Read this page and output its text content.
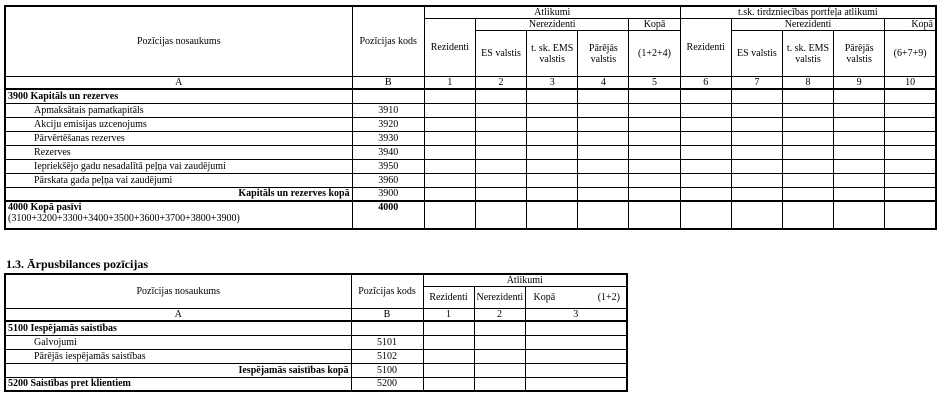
Pozīcijas nosaukums	Pozīcijas kods	Atlikumi					t.sk. tirdzniecības portfeļa atlikumi				
		Rezidenti	Nerezidenti			Kopā	Rezidenti	Nerezidenti			Kopā
			ES valstis	t. sk. EMS valstis	Pārējās valstis	(1+2+4)		ES valstis	t. sk. EMS valstis	Pārējās valstis	(6+7+9)
A	B	1	2	3	4	5	6	7	8	9	10
3900 Kapitāls un rezerves											
Apmaksātais pamatkapitāls	3910										
Akciju emisijas uzcenojums	3920										
Pārvērtēšanas rezerves	3930										
Rezerves	3940										
Iepriekšējo gadu nesadalītā peļņa vai zaudējumi	3950										
Pārskata gada peļņa vai zaudējumi	3960										
Kapitāls un rezerves kopā	3900										

4000 Kopā pasīvi
(3100+3200+3300+3400+3500+3600+3700+3800+3900)	4000										
1.3. Ārpusbilances pozīcijas
Pozīcijas nosaukums	Pozīcijas kods	Atlikumi		
		Rezidenti	Nerezidenti	Kopā (1+2)

A	B	1	2	3
5100 Iespējamās saistības				
Galvojumi	5101			
Pārējās iespējamās saistības	5102			
Iespējamās saistības kopā	5100			
5200 Saistības pret klientiem	5200			
